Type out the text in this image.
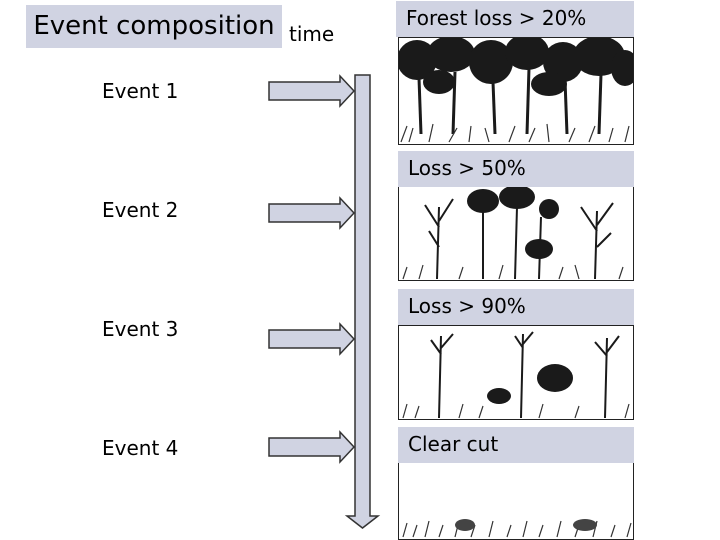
Event composition time
Event 1
Event 2
Event 3
Event 4
Forest loss > 20%
Loss > 50%
Loss > 90%
Clear cut
